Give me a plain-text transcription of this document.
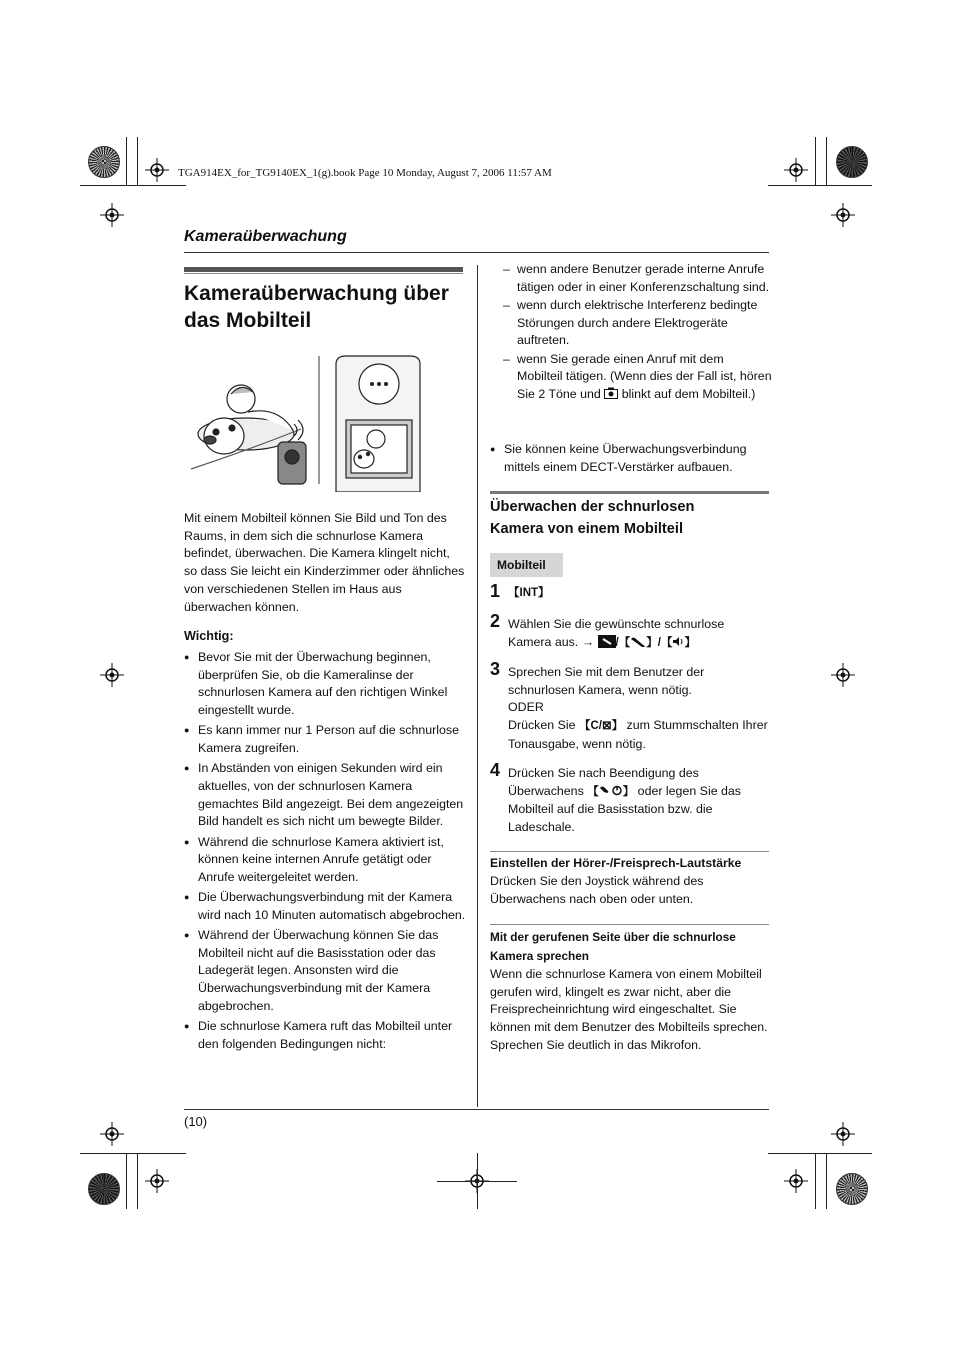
TGA914EX_for_TG9140EX_1(g).book Page 10 Monday, August 7, 2006 11:57 AM
Kameraüberwachung
Kameraüberwachung über
das Mobilteil
Mit einem Mobilteil können Sie Bild und Ton des Raums, in dem sich die schnurlose Kamera befindet, überwachen. Die Kamera klingelt nicht, so dass Sie leicht ein Kinderzimmer oder ähnliches von verschiedenen Stellen im Haus aus überwachen können.
Wichtig:
● Bevor Sie mit der Überwachung beginnen, überprüfen Sie, ob die Kameralinse der schnurlosen Kamera auf den richtigen Winkel eingestellt wurde.
● Es kann immer nur 1 Person auf die schnurlose Kamera zugreifen.
● In Abständen von einigen Sekunden wird ein aktuelles, von der schnurlosen Kamera gemachtes Bild angezeigt. Bei dem angezeigten Bild handelt es sich nicht um bewegte Bilder.
● Während die schnurlose Kamera aktiviert ist, können keine internen Anrufe getätigt oder Anrufe weitergeleitet werden.
● Die Überwachungsverbindung mit der Kamera wird nach 10 Minuten automatisch abgebrochen.
● Während der Überwachung können Sie das Mobilteil nicht auf die Basisstation oder das Ladegerät legen. Ansonsten wird die Überwachungsverbindung mit der Kamera abgebrochen.
● Die schnurlose Kamera ruft das Mobilteil unter den folgenden Bedingungen nicht:
– wenn andere Benutzer gerade interne Anrufe tätigen oder in einer Konferenzschaltung sind.
– wenn durch elektrische Interferenz bedingte Störungen durch andere Elektrogeräte auftreten.
– wenn Sie gerade einen Anruf mit dem Mobilteil tätigen. (Wenn dies der Fall ist, hören Sie 2 Töne und blinkt auf dem Mobilteil.)
● Sie können keine Überwachungsverbindung mittels einem DECT-Verstärker aufbauen.
Überwachen der schnurlosen
Kamera von einem Mobilteil
Mobilteil
1 【INT】
2 Wählen Sie die gewünschte schnurlose
Kamera aus. → /【 】/【 】
3 Sprechen Sie mit dem Benutzer der schnurlosen Kamera, wenn nötig.
ODER
Drücken Sie 【C/⊠】 zum Stummschalten Ihrer Tonausgabe, wenn nötig.
4 Drücken Sie nach Beendigung des Überwachens 【 】 oder legen Sie das Mobilteil auf die Basisstation bzw. die Ladeschale.
Einstellen der Hörer-/Freisprech-Lautstärke
Drücken Sie den Joystick während des Überwachens nach oben oder unten.
Mit der gerufenen Seite über die schnurlose Kamera sprechen
Wenn die schnurlose Kamera von einem Mobilteil gerufen wird, klingelt es zwar nicht, aber die Freisprecheinrichtung wird eingeschaltet. Sie können mit dem Benutzer des Mobilteils sprechen. Sprechen Sie deutlich in das Mikrofon.
(10)
